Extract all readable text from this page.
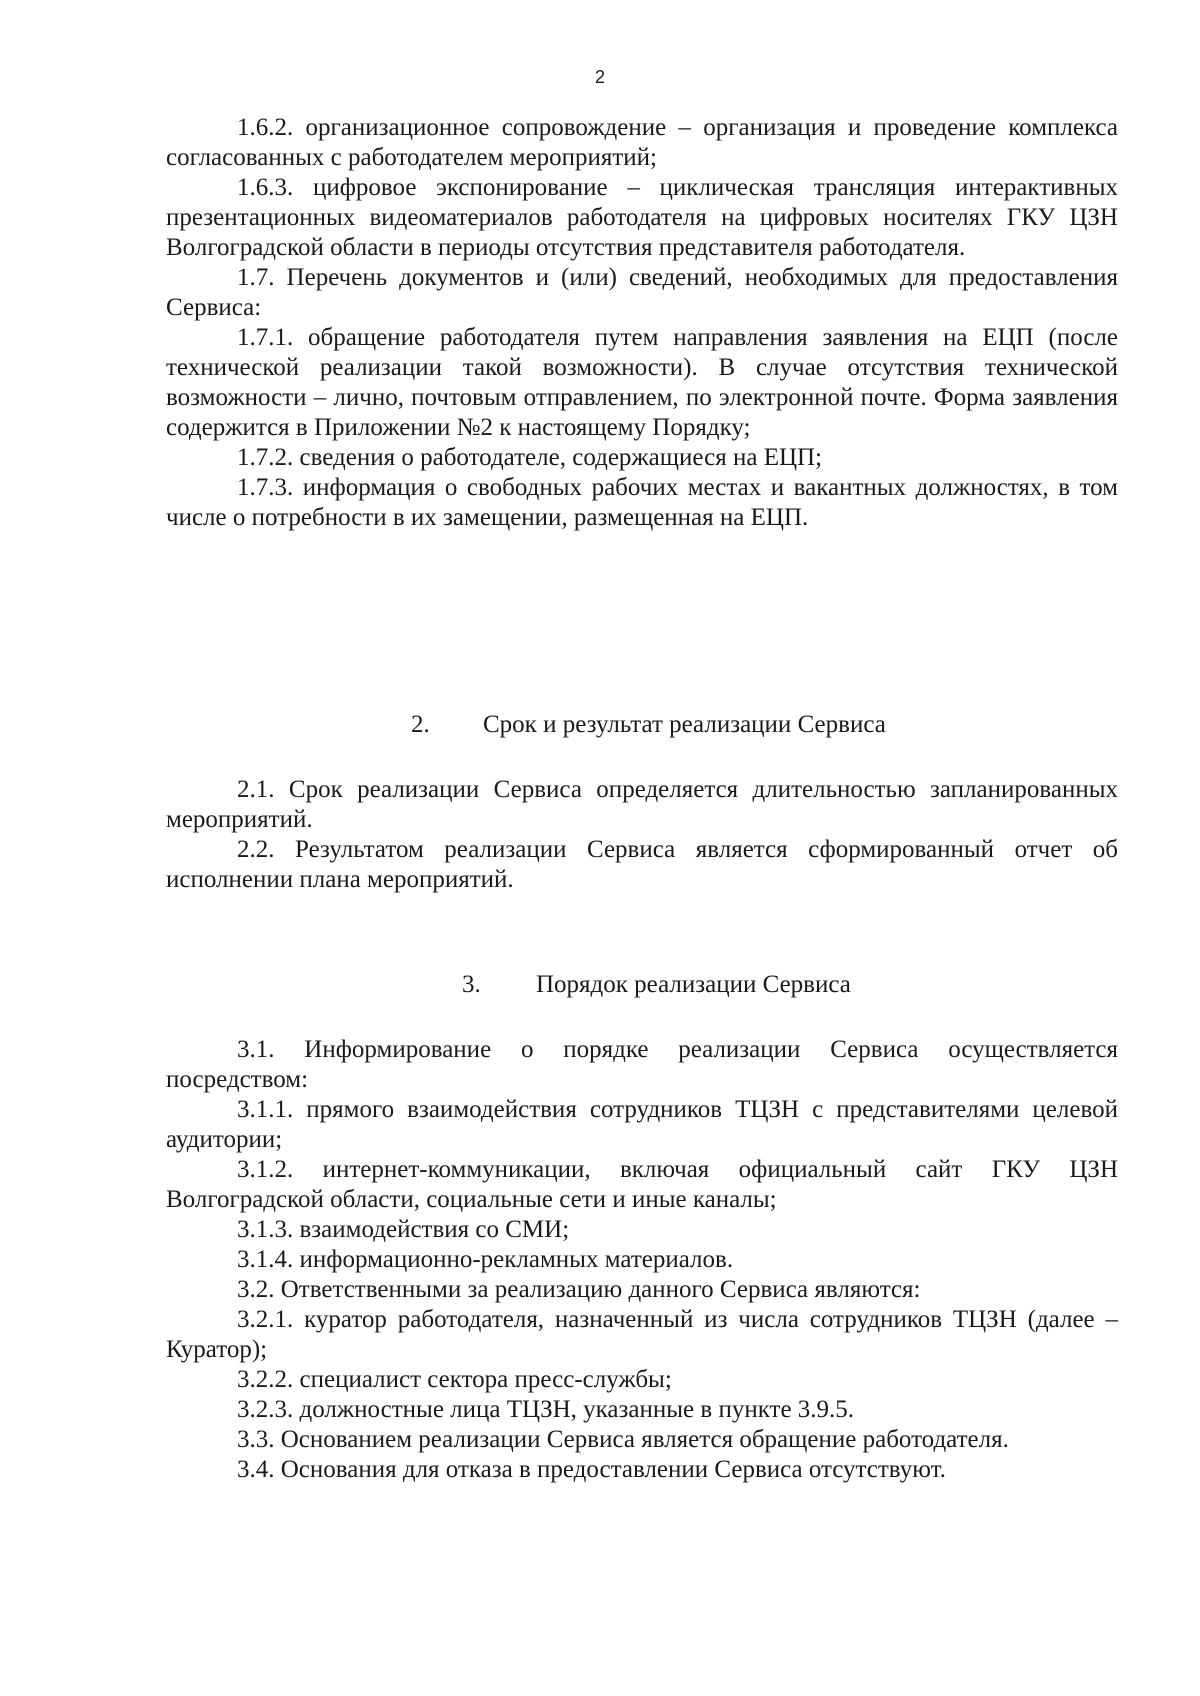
2

1.6.2. организационное сопровождение – организация и проведение комплекса согласованных с работодателем мероприятий;

1.6.3. цифровое экспонирование – циклическая трансляция интерактивных презентационных видеоматериалов работодателя на цифровых носителях ГКУ ЦЗН Волгоградской области в периоды отсутствия представителя работодателя.

1.7. Перечень документов и (или) сведений, необходимых для предоставления Сервиса:

1.7.1. обращение работодателя путем направления заявления на ЕЦП (после технической реализации такой возможности). В случае отсутствия технической возможности – лично, почтовым отправлением, по электронной почте. Форма заявления содержится в Приложении №2 к настоящему Порядку;

1.7.2. сведения о работодателе, содержащиеся на ЕЦП;

1.7.3. информация о свободных рабочих местах и вакантных должностях, в том числе о потребности в их замещении, размещенная на ЕЦП.

2. Срок и результат реализации Сервиса

2.1. Срок реализации Сервиса определяется длительностью запланированных мероприятий.

2.2. Результатом реализации Сервиса является сформированный отчет об исполнении плана мероприятий.

3. Порядок реализации Сервиса

3.1. Информирование о порядке реализации Сервиса осуществляется посредством:

3.1.1. прямого взаимодействия сотрудников ТЦЗН с представителями целевой аудитории;

3.1.2. интернет-коммуникации, включая официальный сайт ГКУ ЦЗН Волгоградской области, социальные сети и иные каналы;

3.1.3. взаимодействия со СМИ;

3.1.4. информационно-рекламных материалов.

3.2. Ответственными за реализацию данного Сервиса являются:

3.2.1. куратор работодателя, назначенный из числа сотрудников ТЦЗН (далее – Куратор);

3.2.2. специалист сектора пресс-службы;

3.2.3. должностные лица ТЦЗН, указанные в пункте 3.9.5.

3.3. Основанием реализации Сервиса является обращение работодателя.

3.4. Основания для отказа в предоставлении Сервиса отсутствуют.
